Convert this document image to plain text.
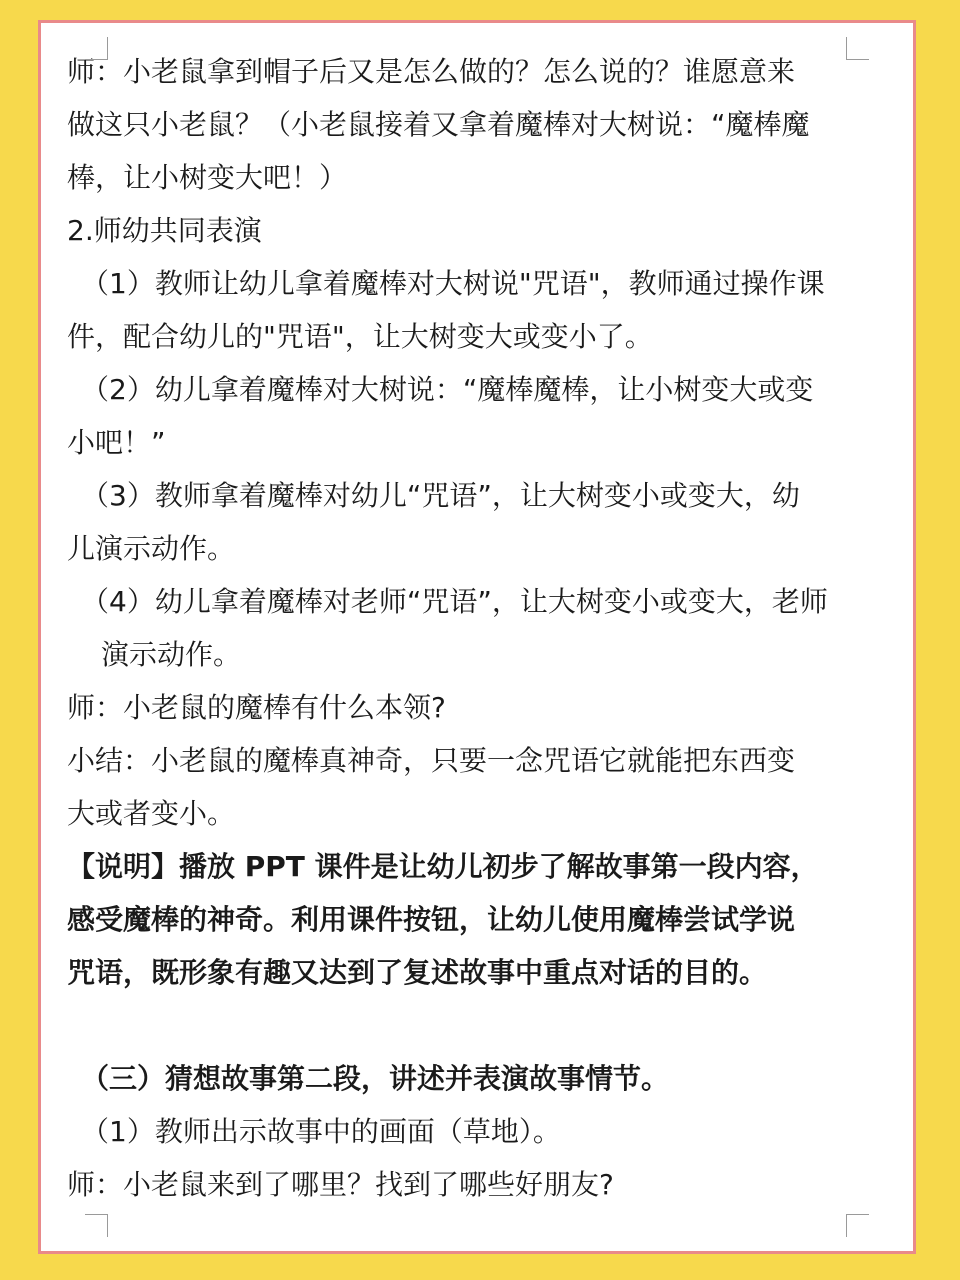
师：小老鼠拿到帽子后又是怎么做的？怎么说的？谁愿意来

做这只小老鼠？（小老鼠接着又拿着魔棒对大树说：“魔棒魔

棒，让小树变大吧！）

2.师幼共同表演

（1）教师让幼儿拿着魔棒对大树说"咒语"，教师通过操作课

件，配合幼儿的"咒语"，让大树变大或变小了。

（2）幼儿拿着魔棒对大树说：“魔棒魔棒，让小树变大或变

小吧！”

（3）教师拿着魔棒对幼儿“咒语”，让大树变小或变大，幼

儿演示动作。

（4）幼儿拿着魔棒对老师“咒语”，让大树变小或变大，老师

演示动作。

师：小老鼠的魔棒有什么本领?

小结：小老鼠的魔棒真神奇，只要一念咒语它就能把东西变

大或者变小。

【说明】播放 PPT 课件是让幼儿初步了解故事第一段内容，

感受魔棒的神奇。利用课件按钮，让幼儿使用魔棒尝试学说

咒语，既形象有趣又达到了复述故事中重点对话的目的。

（三）猜想故事第二段，讲述并表演故事情节。

（1）教师出示故事中的画面（草地）。

师：小老鼠来到了哪里？找到了哪些好朋友?
